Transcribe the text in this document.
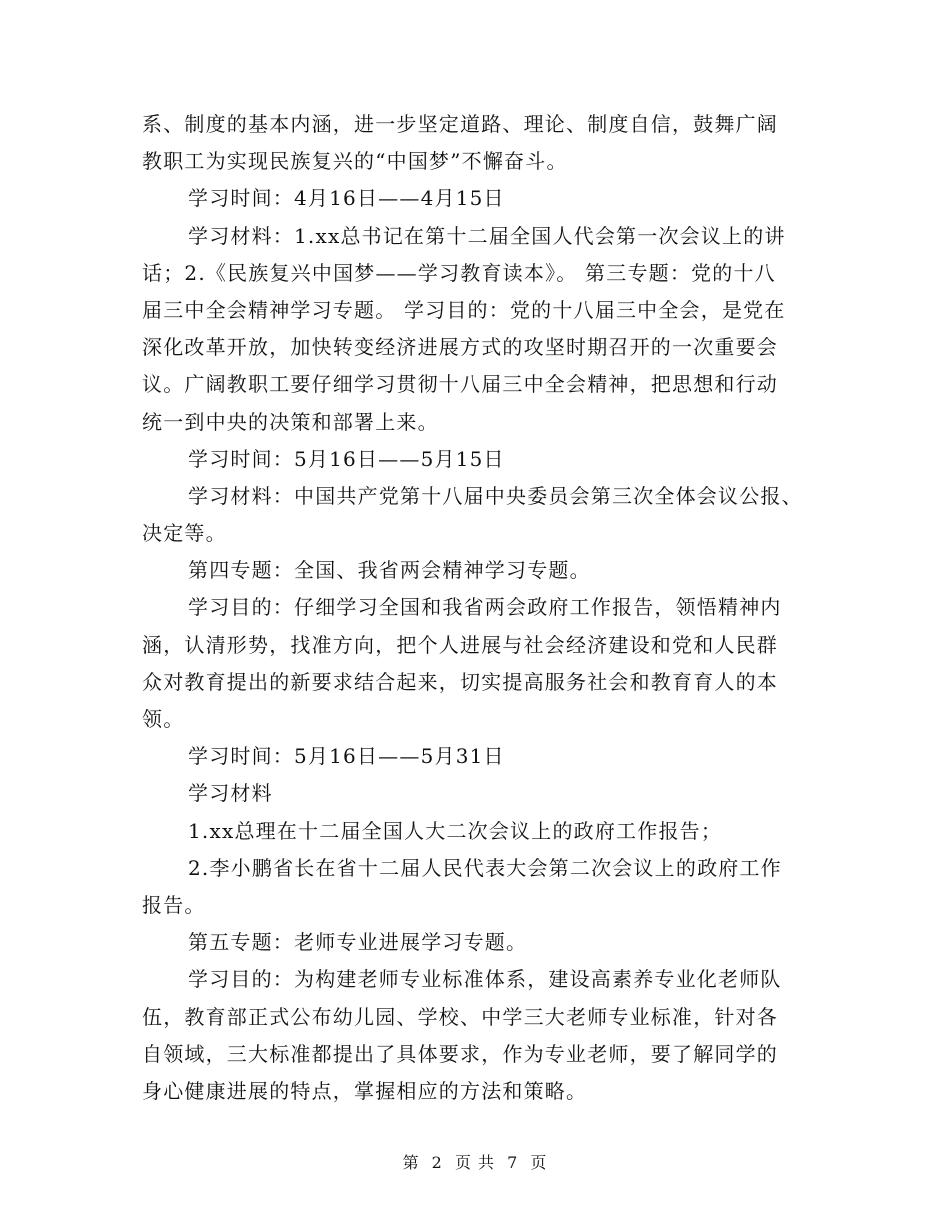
系、制度的基本内涵，进一步坚定道路、理论、制度自信，鼓舞广阔
教职工为实现民族复兴的“中国梦”不懈奋斗。
学习时间：4月16日——4月15日
学习材料：1.xx总书记在第十二届全国人代会第一次会议上的讲
话；2.《民族复兴中国梦——学习教育读本》。 第三专题：党的十八
届三中全会精神学习专题。 学习目的：党的十八届三中全会，是党在
深化改革开放，加快转变经济进展方式的攻坚时期召开的一次重要会
议。广阔教职工要仔细学习贯彻十八届三中全会精神，把思想和行动
统一到中央的决策和部署上来。
学习时间：5月16日——5月15日
学习材料：中国共产党第十八届中央委员会第三次全体会议公报、
决定等。
第四专题：全国、我省两会精神学习专题。
学习目的：仔细学习全国和我省两会政府工作报告，领悟精神内
涵，认清形势，找准方向，把个人进展与社会经济建设和党和人民群
众对教育提出的新要求结合起来，切实提高服务社会和教育育人的本
领。
学习时间：5月16日——5月31日
学习材料
1.xx总理在十二届全国人大二次会议上的政府工作报告；
2.李小鹏省长在省十二届人民代表大会第二次会议上的政府工作
报告。
第五专题：老师专业进展学习专题。
学习目的：为构建老师专业标准体系，建设高素养专业化老师队
伍，教育部正式公布幼儿园、学校、中学三大老师专业标准，针对各
自领域，三大标准都提出了具体要求，作为专业老师，要了解同学的
身心健康进展的特点，掌握相应的方法和策略。
第 2 页 共 7 页
